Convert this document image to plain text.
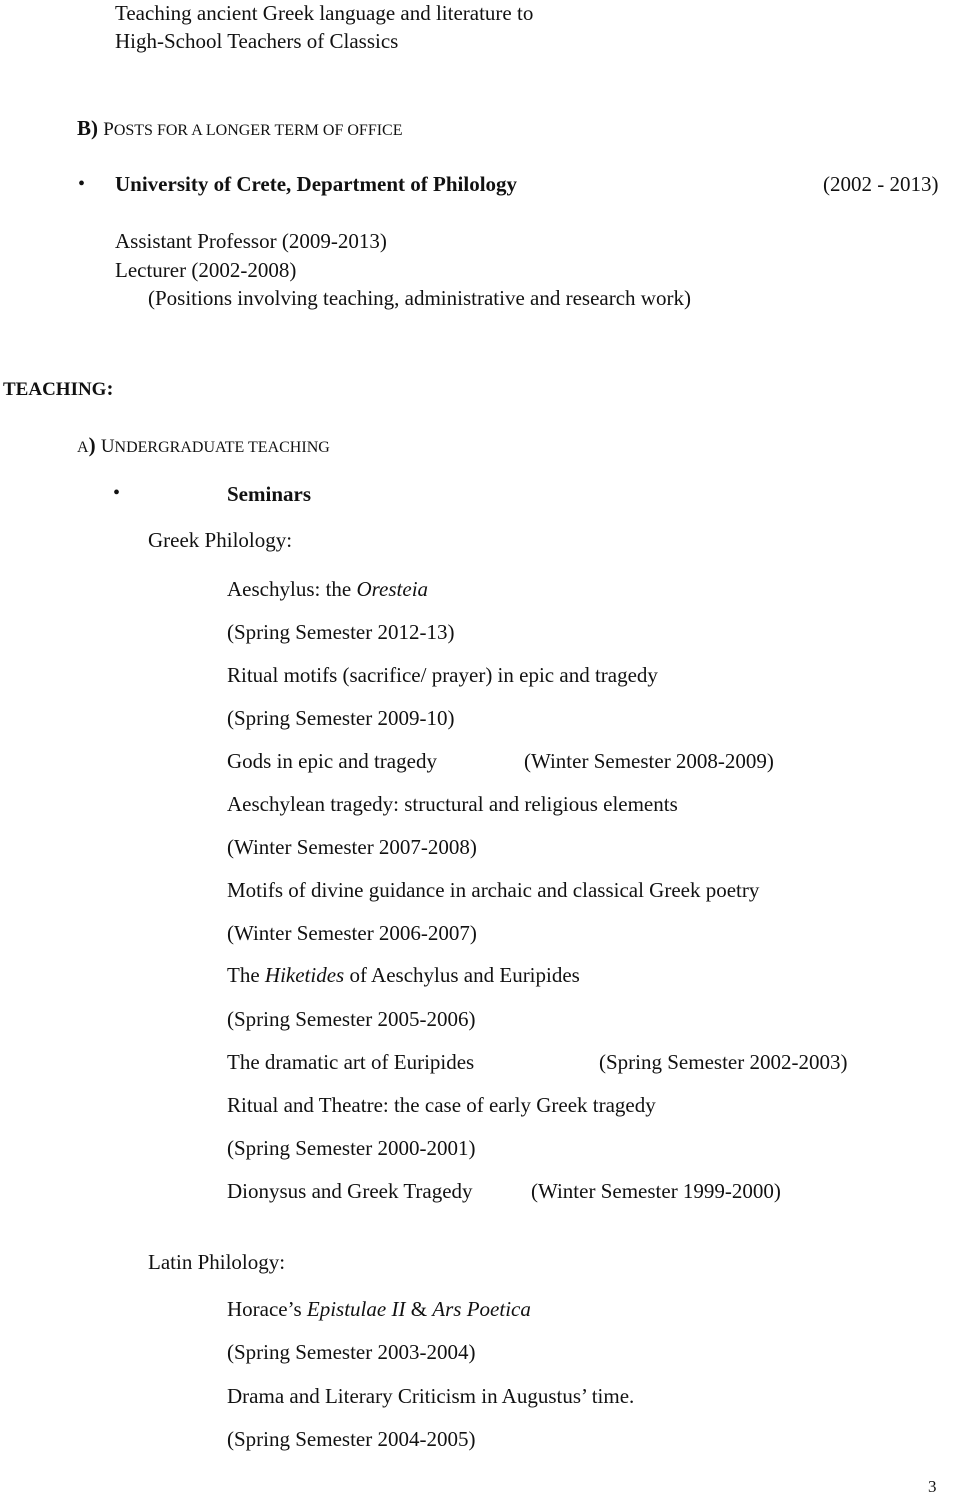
Teaching ancient Greek language and literature to
High-School Teachers of Classics
B) POSTS FOR A LONGER TERM OF OFFICE
• University of Crete, Department of Philology	(2002 - 2013)
Assistant Professor (2009-2013)
Lecturer (2002-2008)
(Positions involving teaching, administrative and research work)
TEACHING:
A) UNDERGRADUATE TEACHING
•	Seminars
Greek Philology:
Aeschylus: the Oresteia
(Spring Semester 2012-13)
Ritual motifs (sacrifice/ prayer) in epic and tragedy
(Spring Semester 2009-10)
Gods in epic and tragedy	(Winter Semester 2008-2009)
Aeschylean tragedy: structural and religious elements
(Winter Semester 2007-2008)
Motifs of divine guidance in archaic and classical Greek poetry
(Winter Semester 2006-2007)
The Hiketides of Aeschylus and Euripides
(Spring Semester 2005-2006)
The dramatic art of Euripides	(Spring Semester 2002-2003)
Ritual and Theatre: the case of early Greek tragedy
(Spring Semester 2000-2001)
Dionysus and Greek Tragedy	(Winter Semester 1999-2000)
Latin Philology:
Horace’s Epistulae II & Ars Poetica
(Spring Semester 2003-2004)
Drama and Literary Criticism in Augustus’ time.
(Spring Semester 2004-2005)
3
